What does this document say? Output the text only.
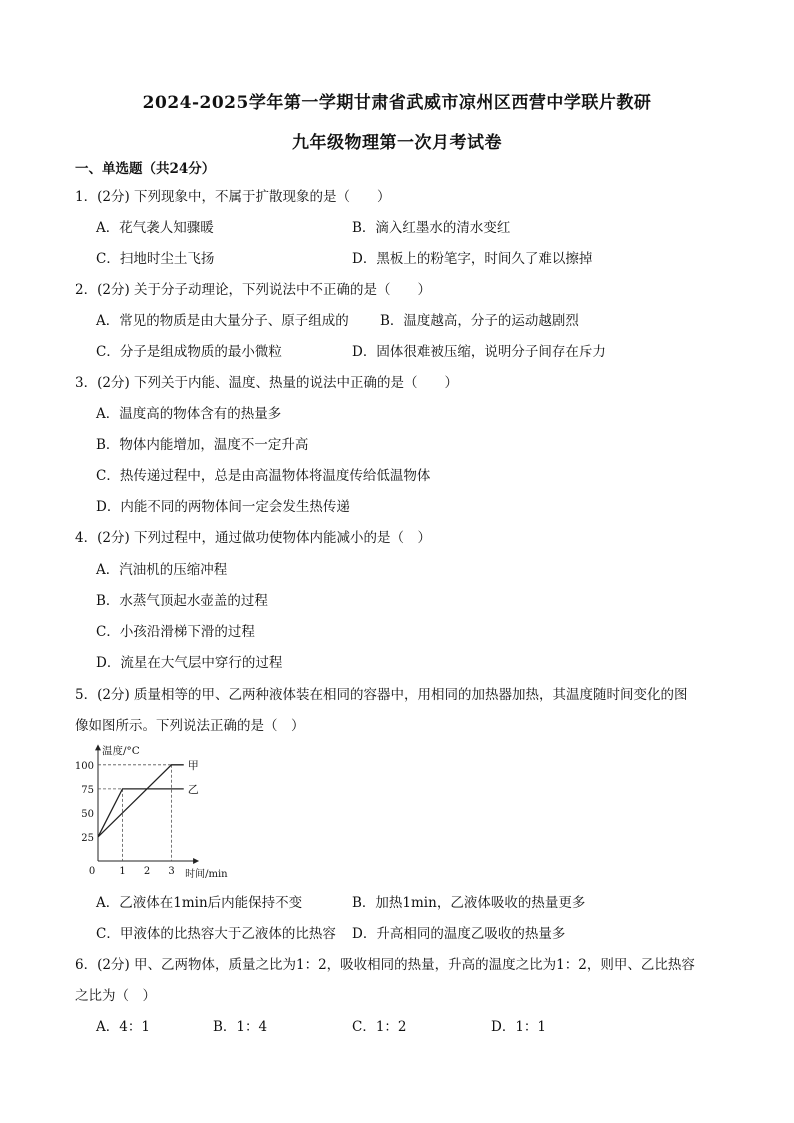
2024-2025学年第一学期甘肃省武威市凉州区西营中学联片教研
九年级物理第一次月考试卷
一、单选题（共24分）
1．(2分) 下列现象中，不属于扩散现象的是（　　）
A．花气袭人知骤暖	B．滴入红墨水的清水变红
C．扫地时尘土飞扬	D．黑板上的粉笔字，时间久了难以擦掉
2．(2分) 关于分子动理论，下列说法中不正确的是（　　）
A．常见的物质是由大量分子、原子组成的 B．温度越高，分子的运动越剧烈
C．分子是组成物质的最小微粒	D．固体很难被压缩，说明分子间存在斥力
3．(2分) 下列关于内能、温度、热量的说法中正确的是（　　）
A．温度高的物体含有的热量多
B．物体内能增加，温度不一定升高
C．热传递过程中，总是由高温物体将温度传给低温物体
D．内能不同的两物体间一定会发生热传递
4．(2分) 下列过程中，通过做功使物体内能减小的是（　）
A．汽油机的压缩冲程
B．水蒸气顶起水壶盖的过程
C．小孩沿滑梯下滑的过程
D．流星在大气层中穿行的过程
5．(2分) 质量相等的甲、乙两种液体装在相同的容器中，用相同的加热器加热，其温度随时间变化的图
像如图所示。下列说法正确的是（　）
25
50
75
100
1 2 3
0
温度/°C
时间/min
甲
乙
A．乙液体在1min后内能保持不变	B．加热1min，乙液体吸收的热量更多
C．甲液体的比热容大于乙液体的比热容 D．升高相同的温度乙吸收的热量多
6．(2分) 甲、乙两物体，质量之比为1：2，吸收相同的热量，升高的温度之比为1：2，则甲、乙比热容
之比为（　）
A．4：1	B．1：4	C．1：2	D．1：1
